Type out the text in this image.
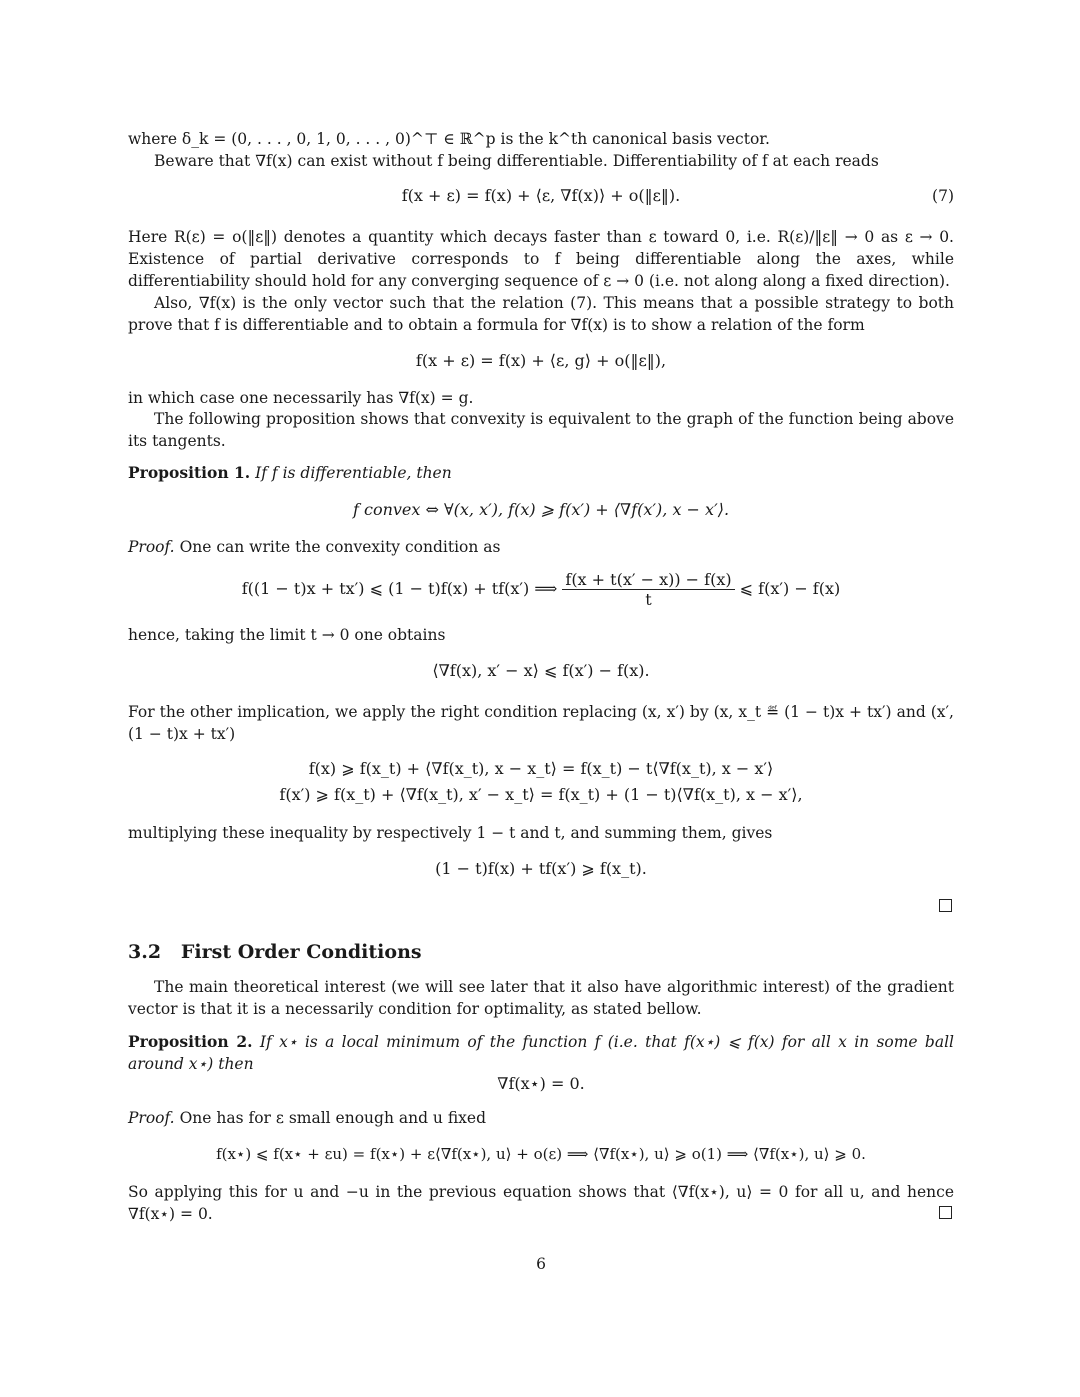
where δ_k = (0, . . . , 0, 1, 0, . . . , 0)^⊤ ∈ ℝ^p is the k^th canonical basis vector.
Beware that ∇f(x) can exist without f being differentiable. Differentiability of f at each reads
f(x + ε) = f(x) + ⟨ε, ∇f(x)⟩ + o(‖ε‖).	(7)
Here R(ε) = o(‖ε‖) denotes a quantity which decays faster than ε toward 0, i.e. R(ε)/‖ε‖ → 0 as ε → 0. Existence of partial derivative corresponds to f being differentiable along the axes, while differentiability should hold for any converging sequence of ε → 0 (i.e. not along along a fixed direction).
Also, ∇f(x) is the only vector such that the relation (7). This means that a possible strategy to both prove that f is differentiable and to obtain a formula for ∇f(x) is to show a relation of the form
f(x + ε) = f(x) + ⟨ε, g⟩ + o(‖ε‖),
in which case one necessarily has ∇f(x) = g.
The following proposition shows that convexity is equivalent to the graph of the function being above its tangents.
Proposition 1. If f is differentiable, then
f convex ⇔ ∀(x, x′), f(x) ⩾ f(x′) + ⟨∇f(x′), x − x′⟩.
Proof. One can write the convexity condition as
f((1 − t)x + tx′) ⩽ (1 − t)f(x) + tf(x′) ⟹ $\frac{f(x + t(x' - x)) - f(x)}{t}$ ⩽ f(x′) − f(x)
hence, taking the limit t → 0 one obtains
⟨∇f(x), x′ − x⟩ ⩽ f(x′) − f(x).
For the other implication, we apply the right condition replacing (x, x′) by (x, x_t ≝ (1 − t)x + tx′) and (x′, (1 − t)x + tx′)
f(x) ⩾ f(x_t) + ⟨∇f(x_t), x − x_t⟩ = f(x_t) − t⟨∇f(x_t), x − x′⟩
f(x′) ⩾ f(x_t) + ⟨∇f(x_t), x′ − x_t⟩ = f(x_t) + (1 − t)⟨∇f(x_t), x − x′⟩,
multiplying these inequality by respectively 1 − t and t, and summing them, gives
(1 − t)f(x) + tf(x′) ⩾ f(x_t).
3.2 First Order Conditions
The main theoretical interest (we will see later that it also have algorithmic interest) of the gradient vector is that it is a necessarily condition for optimality, as stated bellow.
Proposition 2. If x⋆ is a local minimum of the function f (i.e. that f(x⋆) ⩽ f(x) for all x in some ball around x⋆) then
∇f(x⋆) = 0.
Proof. One has for ε small enough and u fixed
f(x⋆) ⩽ f(x⋆ + εu) = f(x⋆) + ε⟨∇f(x⋆), u⟩ + o(ε) ⟹ ⟨∇f(x⋆), u⟩ ⩾ o(1) ⟹ ⟨∇f(x⋆), u⟩ ⩾ 0.
So applying this for u and −u in the previous equation shows that ⟨∇f(x⋆), u⟩ = 0 for all u, and hence ∇f(x⋆) = 0.
6
